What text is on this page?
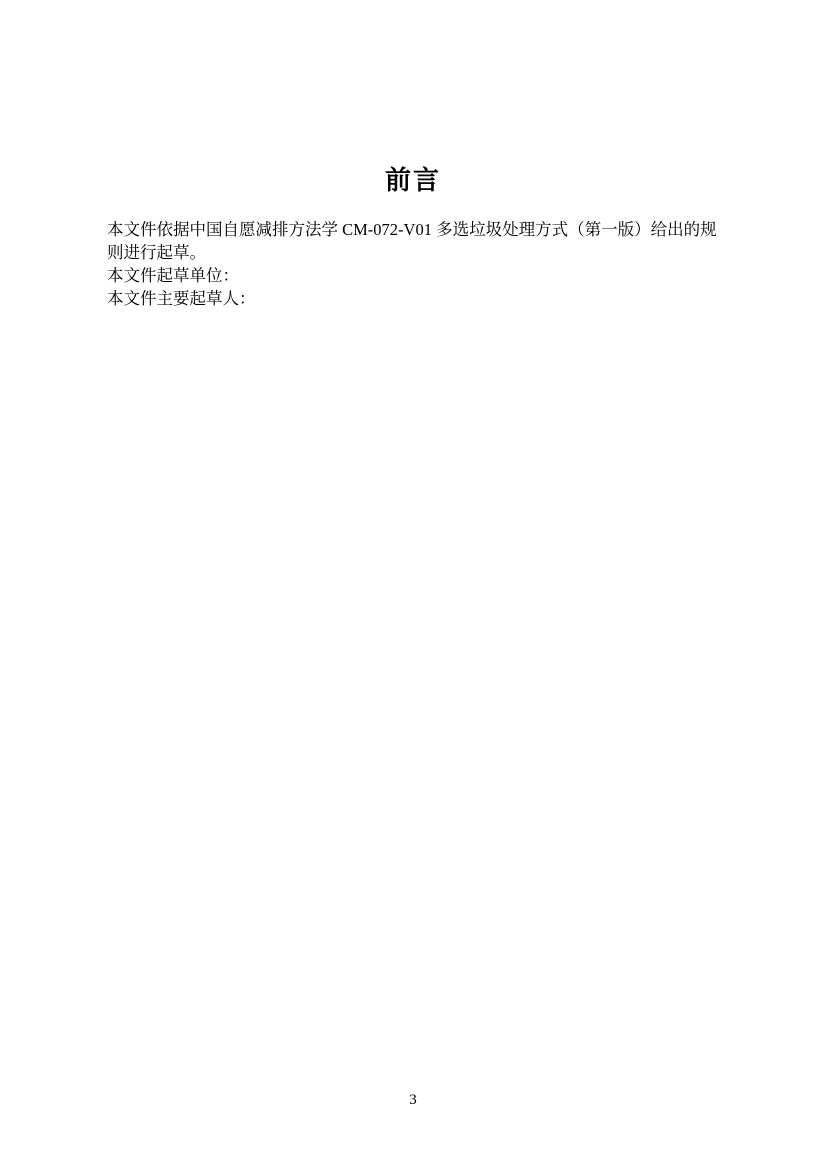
前言

本文件依据中国自愿减排方法学 CM-072-V01 多选垃圾处理方式（第一版）给出的规则进行起草。

本文件起草单位：

本文件主要起草人：

3
